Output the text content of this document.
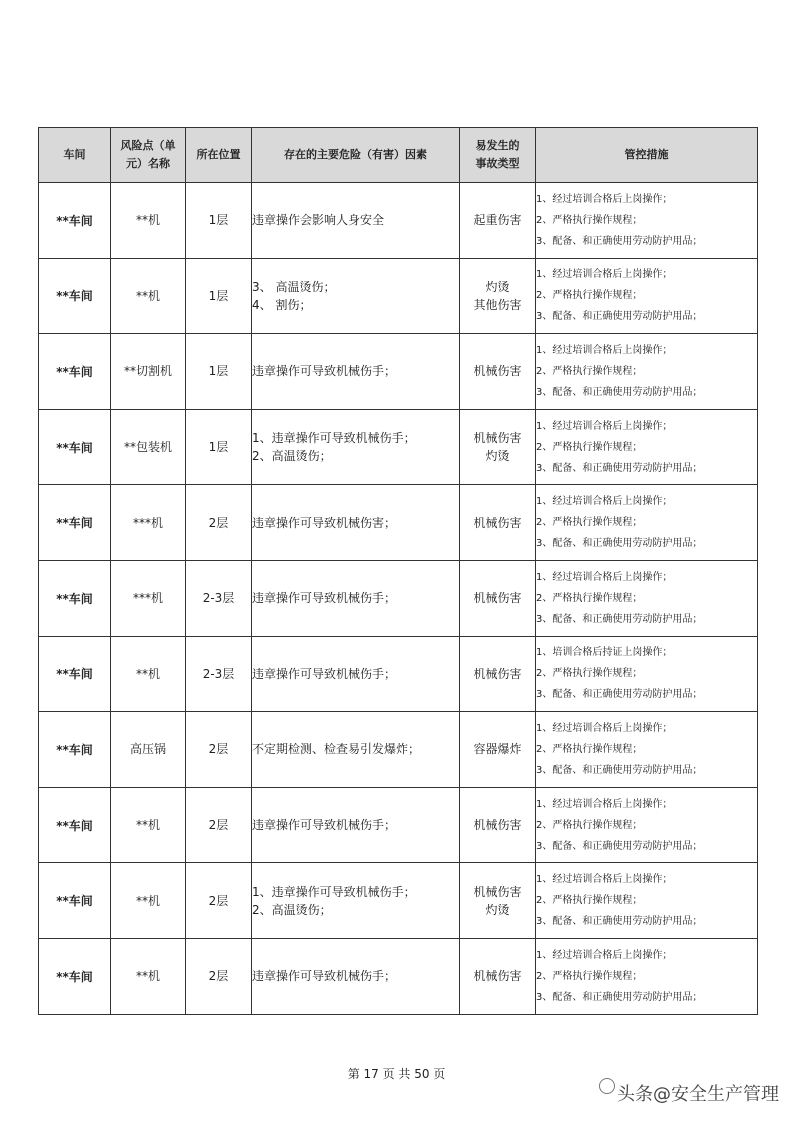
车间	风险点（单
元）名称	所在位置	存在的主要危险（有害）因素	易发生的
事故类型	管控措施
**车间	**机	1层	违章操作会影响人身安全	起重伤害	1、经过培训合格后上岗操作；
2、严格执行操作规程；
3、配备、和正确使用劳动防护用品；

**车间	**机	1层	3、 高温烫伤；
4、 割伤；	灼烫
其他伤害	1、经过培训合格后上岗操作；
2、严格执行操作规程；
3、配备、和正确使用劳动防护用品；

**车间	**切割机	1层	违章操作可导致机械伤手；	机械伤害	1、经过培训合格后上岗操作；
2、严格执行操作规程；
3、配备、和正确使用劳动防护用品；

**车间	**包装机	1层	1、违章操作可导致机械伤手；
2、高温烫伤；	机械伤害
灼烫	1、经过培训合格后上岗操作；
2、严格执行操作规程；
3、配备、和正确使用劳动防护用品；

**车间	***机	2层	违章操作可导致机械伤害；	机械伤害	1、经过培训合格后上岗操作；
2、严格执行操作规程；
3、配备、和正确使用劳动防护用品；

**车间	***机	2-3层	违章操作可导致机械伤手；	机械伤害	1、经过培训合格后上岗操作；
2、严格执行操作规程；
3、配备、和正确使用劳动防护用品；

**车间	**机	2-3层	违章操作可导致机械伤手；	机械伤害	1、培训合格后持证上岗操作；
2、严格执行操作规程；
3、配备、和正确使用劳动防护用品；

**车间	高压锅	2层	不定期检测、检查易引发爆炸；	容器爆炸	1、经过培训合格后上岗操作；
2、严格执行操作规程；
3、配备、和正确使用劳动防护用品；

**车间	**机	2层	违章操作可导致机械伤手；	机械伤害	1、经过培训合格后上岗操作；
2、严格执行操作规程；
3、配备、和正确使用劳动防护用品；

**车间	**机	2层	1、违章操作可导致机械伤手；
2、高温烫伤；	机械伤害
灼烫	1、经过培训合格后上岗操作；
2、严格执行操作规程；
3、配备、和正确使用劳动防护用品；

**车间	**机	2层	违章操作可导致机械伤手；	机械伤害	1、经过培训合格后上岗操作；
2、严格执行操作规程；
3、配备、和正确使用劳动防护用品；
第 17 页 共 50 页
头条@安全生产管理
